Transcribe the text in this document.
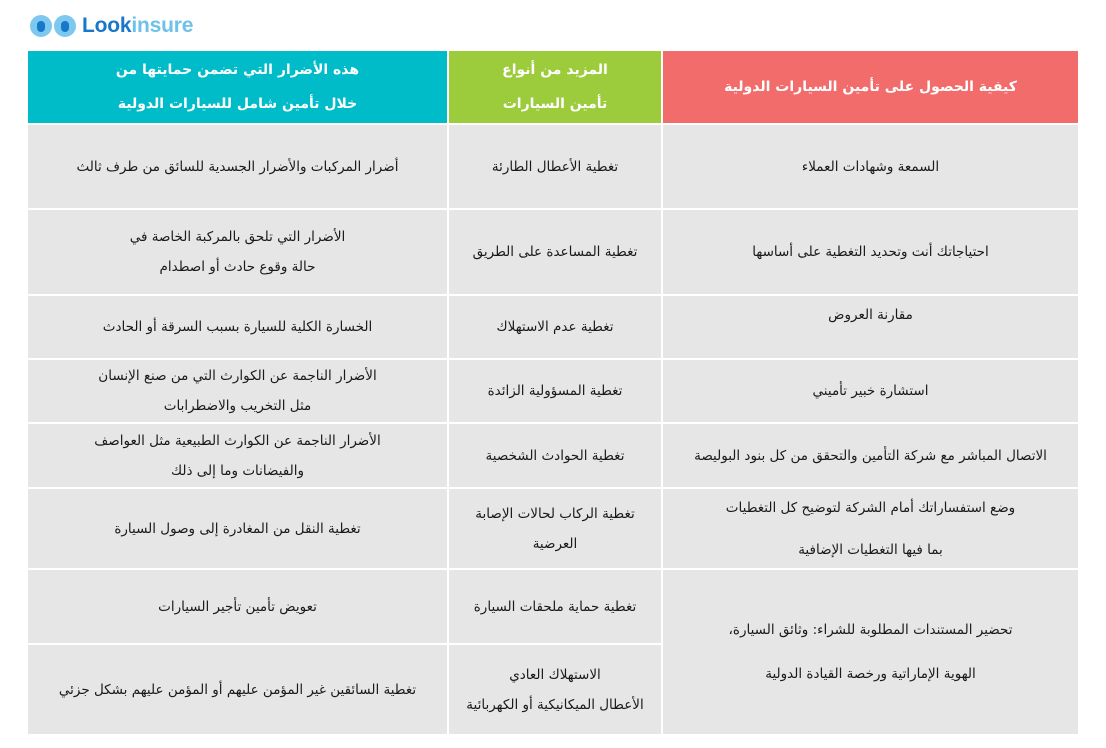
Lookinsure
هذه الأضرار التي تضمن حمايتها من
خلال تأمين شامل للسيارات الدولية
المزيد من أنواع
تأمين السيارات
كيفية الحصول على تأمين السيارات الدولية
أضرار المركبات والأضرار الجسدية للسائق من طرف ثالث
الأضرار التي تلحق بالمركبة الخاصة في
حالة وقوع حادث أو اصطدام
الخسارة الكلية للسيارة بسبب السرقة أو الحادث
الأضرار الناجمة عن الكوارث التي من صنع الإنسان
مثل التخريب والاضطرابات
الأضرار الناجمة عن الكوارث الطبيعية مثل العواصف
والفيضانات وما إلى ذلك
تغطية النقل من المغادرة إلى وصول السيارة
تعويض تأمين تأجير السيارات
تغطية السائقين غير المؤمن عليهم أو المؤمن عليهم بشكل جزئي
تغطية الأعطال الطارئة
تغطية المساعدة على الطريق
تغطية عدم الاستهلاك
تغطية المسؤولية الزائدة
تغطية الحوادث الشخصية
تغطية الركاب لحالات الإصابة
العرضية
تغطية حماية ملحقات السيارة
الاستهلاك العادي
الأعطال الميكانيكية أو الكهربائية
السمعة وشهادات العملاء
احتياجاتك أنت وتحديد التغطية على أساسها
مقارنة العروض
استشارة خبير تأميني
الاتصال المباشر مع شركة التأمين والتحقق من كل بنود البوليصة
وضع استفساراتك أمام الشركة لتوضيح كل التغطيات
بما فيها التغطيات الإضافية
تحضير المستندات المطلوبة للشراء: وثائق السيارة،
الهوية الإماراتية ورخصة القيادة الدولية
